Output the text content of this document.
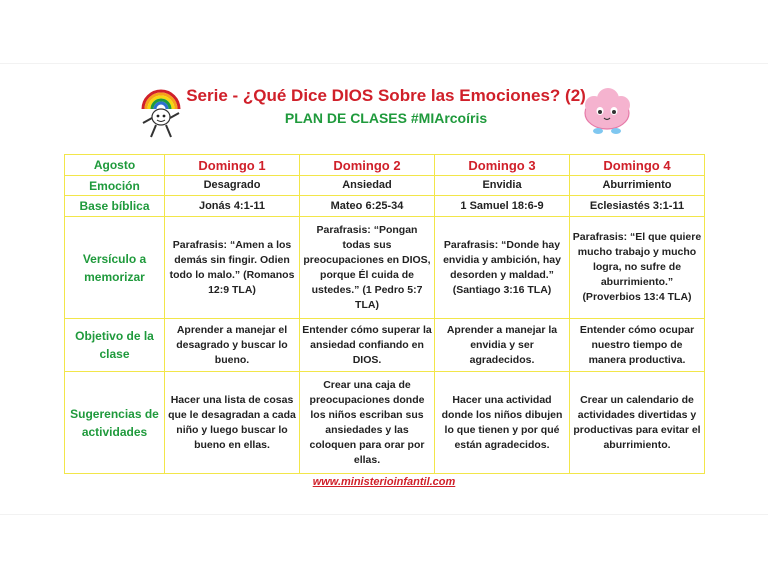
Serie - ¿Qué Dice DIOS Sobre las Emociones? (2)
PLAN DE CLASES #MIArcoíris
Agosto	Domingo 1	Domingo 2	Domingo 3	Domingo 4
Emoción	Desagrado	Ansiedad	Envidia	Aburrimiento
Base bíblica	Jonás 4:1-11	Mateo 6:25-34	1 Samuel 18:6-9	Eclesiastés 3:1-11
Versículo a memorizar	Parafrasis: “Amen a los demás sin fingir. Odien todo lo malo.” (Romanos 12:9 TLA)	Parafrasis: “Pongan todas sus preocupaciones en DIOS, porque Él cuida de ustedes.” (1 Pedro 5:7 TLA)	Parafrasis: “Donde hay envidia y ambición, hay desorden y maldad.” (Santiago 3:16 TLA)	Parafrasis: “El que quiere mucho trabajo y mucho logra, no sufre de aburrimiento.” (Proverbios 13:4 TLA)
Objetivo de la clase	Aprender a manejar el desagrado y buscar lo bueno.	Entender cómo superar la ansiedad confiando en DIOS.	Aprender a manejar la envidia y ser agradecidos.	Entender cómo ocupar nuestro tiempo de manera productiva.
Sugerencias de actividades	Hacer una lista de cosas que le desagradan a cada niño y luego buscar lo bueno en ellas.	Crear una caja de preocupaciones donde los niños escriban sus ansiedades y las coloquen para orar por ellas.	Hacer una actividad donde los niños dibujen lo que tienen y por qué están agradecidos.	Crear un calendario de actividades divertidas y productivas para evitar el aburrimiento.
www.ministerioinfantil.com
